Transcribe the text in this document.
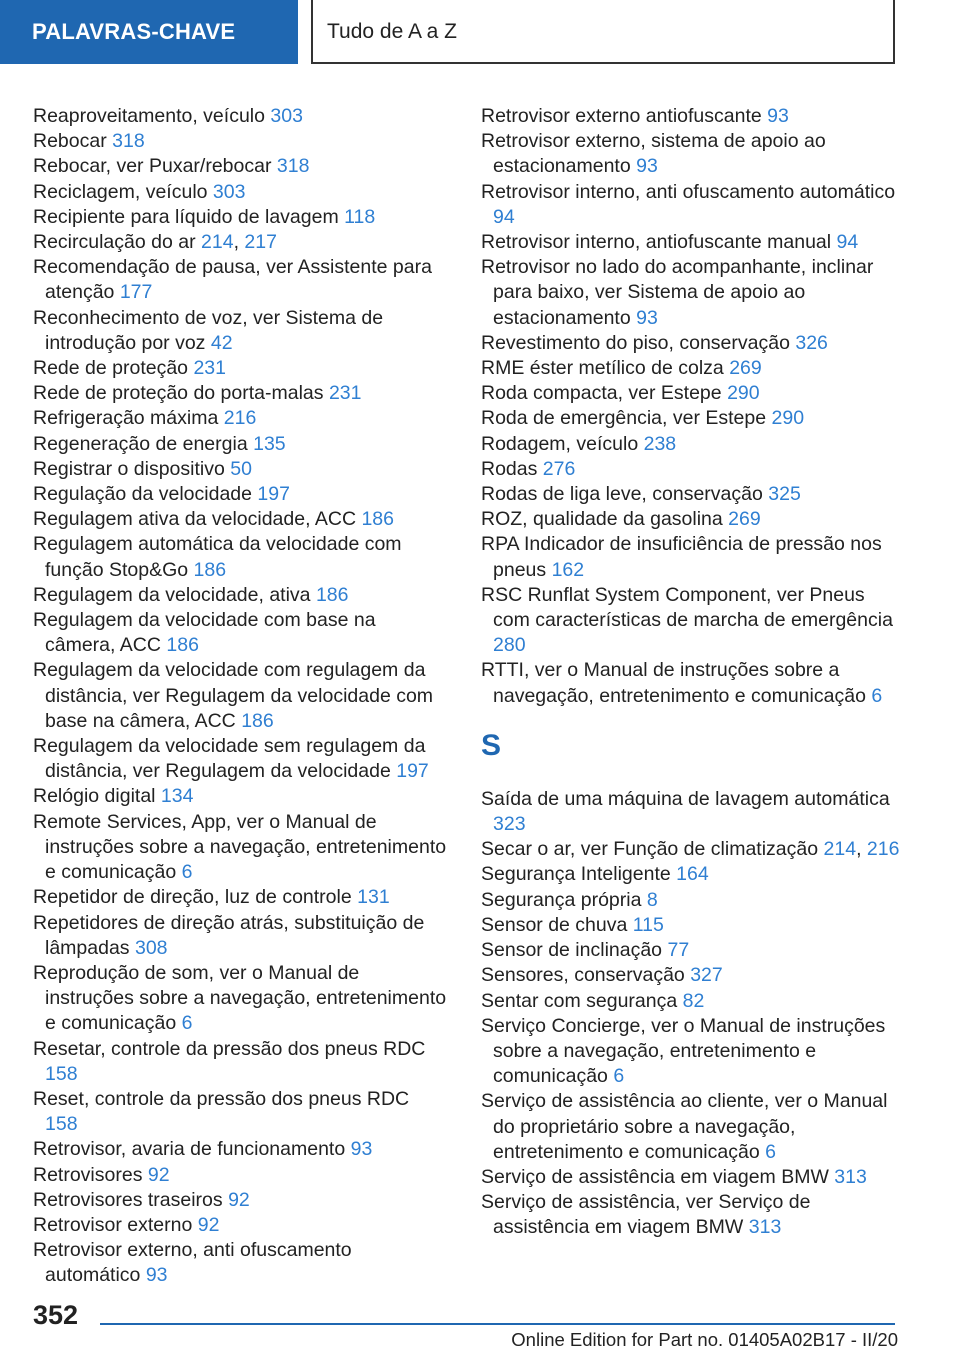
PALAVRAS-CHAVE	Tudo de A a Z
Reaproveitamento, veículo 303
Rebocar 318
Rebocar, ver Puxar/rebocar 318
Reciclagem, veículo 303
Recipiente para líquido de lavagem 118
Recirculação do ar 214, 217
Recomendação de pausa, ver Assistente para atenção 177
Reconhecimento de voz, ver Sistema de introdução por voz 42
Rede de proteção 231
Rede de proteção do porta-malas 231
Refrigeração máxima 216
Regeneração de energia 135
Registrar o dispositivo 50
Regulação da velocidade 197
Regulagem ativa da velocidade, ACC 186
Regulagem automática da velocidade com função Stop&Go 186
Regulagem da velocidade, ativa 186
Regulagem da velocidade com base na câmera, ACC 186
Regulagem da velocidade com regulagem da distância, ver Regulagem da velocidade com base na câmera, ACC 186
Regulagem da velocidade sem regulagem da distância, ver Regulagem da velocidade 197
Relógio digital 134
Remote Services, App, ver o Manual de instruções sobre a navegação, entretenimento e comunicação 6
Repetidor de direção, luz de controle 131
Repetidores de direção atrás, substituição de lâmpadas 308
Reprodução de som, ver o Manual de instruções sobre a navegação, entretenimento e comunicação 6
Resetar, controle da pressão dos pneus RDC 158
Reset, controle da pressão dos pneus RDC 158
Retrovisor, avaria de funcionamento 93
Retrovisores 92
Retrovisores traseiros 92
Retrovisor externo 92
Retrovisor externo, anti ofuscamento automático 93
Retrovisor externo antiofuscante 93
Retrovisor externo, sistema de apoio ao estacionamento 93
Retrovisor interno, anti ofuscamento automático 94
Retrovisor interno, antiofuscante manual 94
Retrovisor no lado do acompanhante, inclinar para baixo, ver Sistema de apoio ao estacionamento 93
Revestimento do piso, conservação 326
RME éster metílico de colza 269
Roda compacta, ver Estepe 290
Roda de emergência, ver Estepe 290
Rodagem, veículo 238
Rodas 276
Rodas de liga leve, conservação 325
ROZ, qualidade da gasolina 269
RPA Indicador de insuficiência de pressão nos pneus 162
RSC Runflat System Component, ver Pneus com características de marcha de emergência 280
RTTI, ver o Manual de instruções sobre a navegação, entretenimento e comunicação 6
S
Saída de uma máquina de lavagem automática 323
Secar o ar, ver Função de climatização 214, 216
Segurança Inteligente 164
Segurança própria 8
Sensor de chuva 115
Sensor de inclinação 77
Sensores, conservação 327
Sentar com segurança 82
Serviço Concierge, ver o Manual de instruções sobre a navegação, entretenimento e comunicação 6
Serviço de assistência ao cliente, ver o Manual do proprietário sobre a navegação, entretenimento e comunicação 6
Serviço de assistência em viagem BMW 313
Serviço de assistência, ver Serviço de assistência em viagem BMW 313
352
Online Edition for Part no. 01405A02B17 - II/20
